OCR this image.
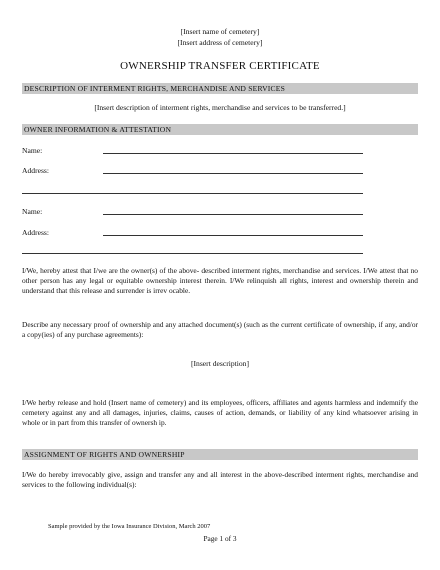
[Insert name of cemetery]
[Insert address of cemetery]
OWNERSHIP TRANSFER CERTIFICATE
DESCRIPTION OF INTERMENT RIGHTS, MERCHANDISE AND SERVICES
[Insert description of interment rights, merchandise and services to be transferred.]
OWNER INFORMATION & ATTESTATION
Name:
Address:
Name:
Address:
I/We, hereby attest that I/we are the owner(s) of the above- described interment rights, merchandise and services. I/We attest that no other person has any legal or equitable ownership interest therein. I/We relinquish all rights, interest and ownership therein and understand that this release and surrender is irrev ocable.
Describe any necessary proof of ownership and any attached document(s) (such as the current certificate of ownership, if any, and/or a copy(ies) of any purchase agreements):
[Insert description]
I/We herby release and hold (Insert name of cemetery) and its employees, officers, affiliates and agents harmless and indemnify the cemetery against any and all damages, injuries, claims, causes of action, demands, or liability of any kind whatsoever arising in whole or in part from this transfer of ownersh ip.
ASSIGNMENT OF RIGHTS AND OWNERSHIP
I/We do hereby irrevocably give, assign and transfer any and all interest in the above-described interment rights, merchandise and services to the following individual(s):
Sample provided by the Iowa Insurance Division, March 2007
Page 1 of 3
